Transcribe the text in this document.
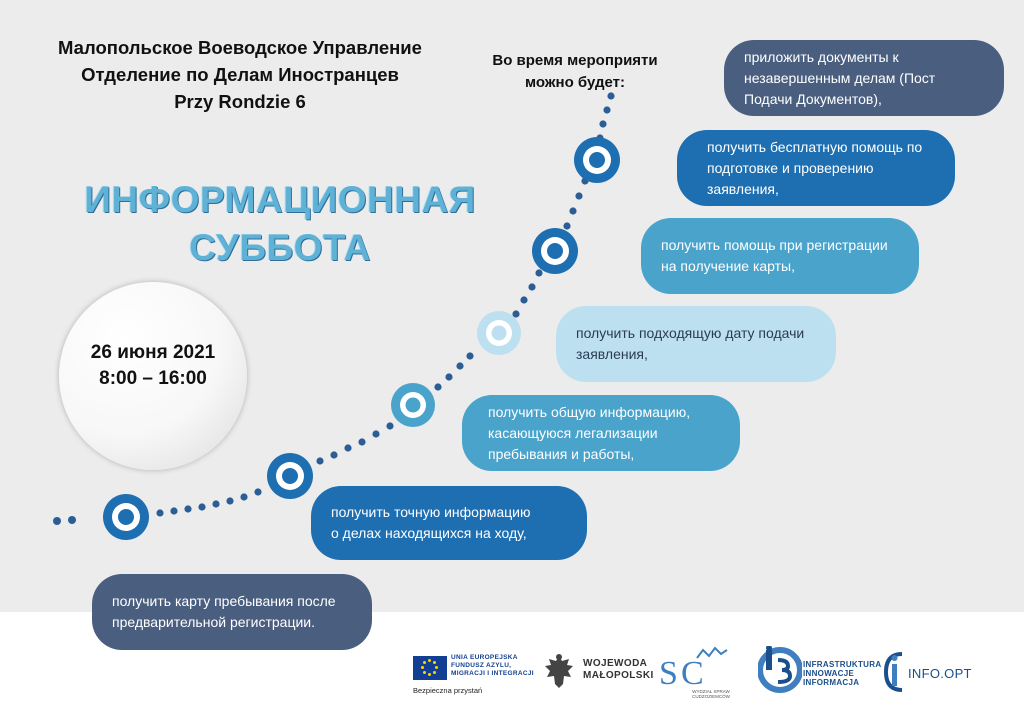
Малопольское Воеводское Управление
Отделение по Делам Иностранцев
Przy Rondzie 6
ИНФОРМАЦИОННАЯ
СУББОТА
26 июня 2021
8:00 – 16:00
Во время мероприяти
можно будет:
получить карту пребывания после
предварительной регистрации.
получить точную информацию
о делах находящихся на ходу,
получить общую информацию,
касающуюся легализации
пребывания и работы,
получить подходящую дату подачи
заявления,
получить помощь при регистрации
на получение карты,
получить бесплатную помощь по
подготовке и проверению
заявления,
приложить документы к
незавершенным делам (Пост
Подачи Документов),
UNIA EUROPEJSKA
FUNDUSZ AZYLU,
MIGRACJI I INTEGRACJI
Bezpieczna przystań
WOJEWODA
MAŁOPOLSKI S C
WYDZIAŁ SPRAW
CUDZOZIEMCÓW
INFRASTRUKTURA
INNOWACJE
INFORMACJA
INFO.OPT
